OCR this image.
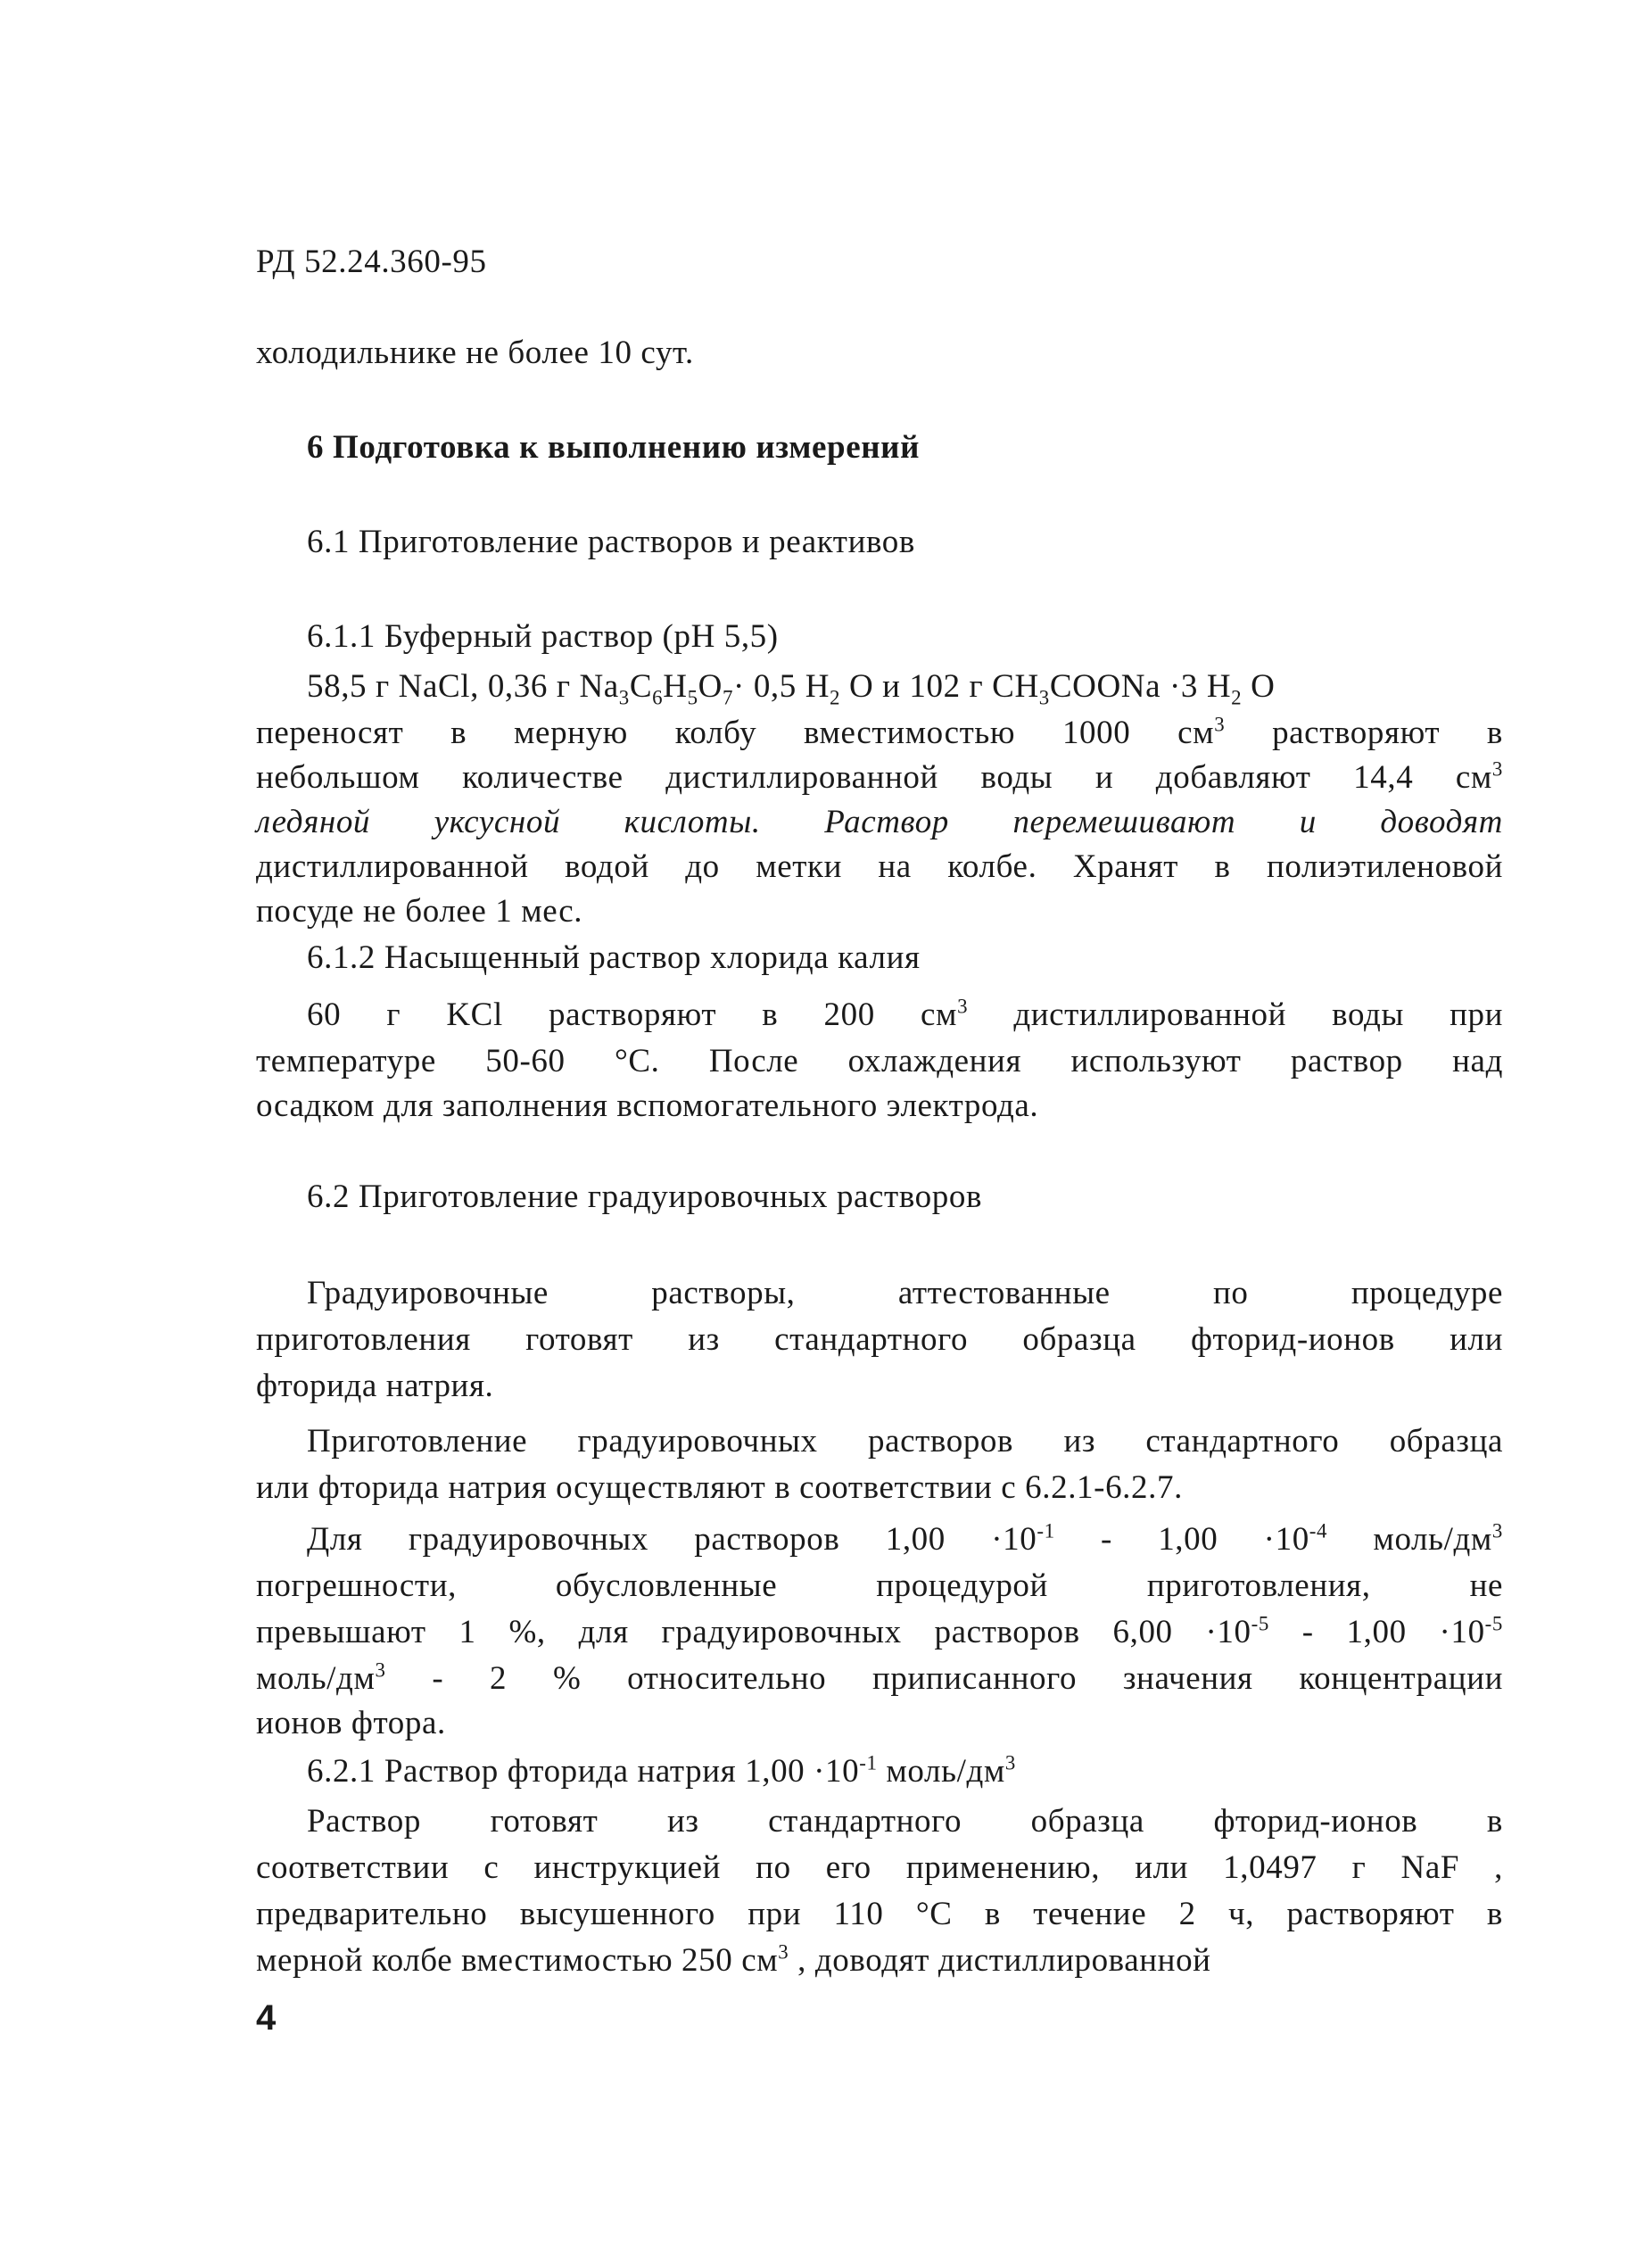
РД 52.24.360-95

холодильнике не более 10 сут.

6 Подготовка к выполнению измерений

6.1 Приготовление растворов и реактивов

6.1.1 Буферный раствор (pH 5,5)

58,5 г NaCl, 0,36 г $Na_3C_6H_5O_7\cdot 0,5$ $H_2$ O и 102 г $CH_3COONa \cdot 3$ $H_2$ O

переносят в мерную колбу вместимостью 1000 $см^3$ растворяют в

небольшом количестве дистиллированной воды и добавляют 14,4 $см^3$

ледяной уксусной кислоты. Раствор перемешивают и доводят

дистиллированной водой до метки на колбе. Хранят в полиэтиленовой

посуде не более 1 мес.

6.1.2 Насыщенный раствор хлорида калия

60 г KCl растворяют в 200 $см^3$ дистиллированной воды при

температуре 50-60 °С. После охлаждения используют раствор над

осадком для заполнения вспомогательного электрода.

6.2 Приготовление градуировочных растворов

Градуировочные растворы, аттестованные по процедуре

приготовления готовят из стандартного образца фторид-ионов или

фторида натрия.

Приготовление градуировочных растворов из стандартного образца

или фторида натрия осуществляют в соответствии с 6.2.1-6.2.7.

Для градуировочных растворов $1,00 \cdot 10^{-1} - 1,00 \cdot 10^{-4}$ моль/$дм^3$

погрешности, обусловленные процедурой приготовления, не

превышают 1 %, для градуировочных растворов $6,00 \cdot 10^{-5} - 1,00 \cdot 10^{-5}$

моль/$дм^3 - 2$ % относительно приписанного значения концентрации

ионов фтора.

6.2.1 Раствор фторида натрия $1,00 \cdot 10^{-1}$ моль/$дм^3$

Раствор готовят из стандартного образца фторид-ионов в

соответствии с инструкцией по его применению, или 1,0497 г NaF ,

предварительно высушенного при 110 °С в течение 2 ч, растворяют в

мерной колбе вместимостью 250 $см^3$ , доводят дистиллированной

4
